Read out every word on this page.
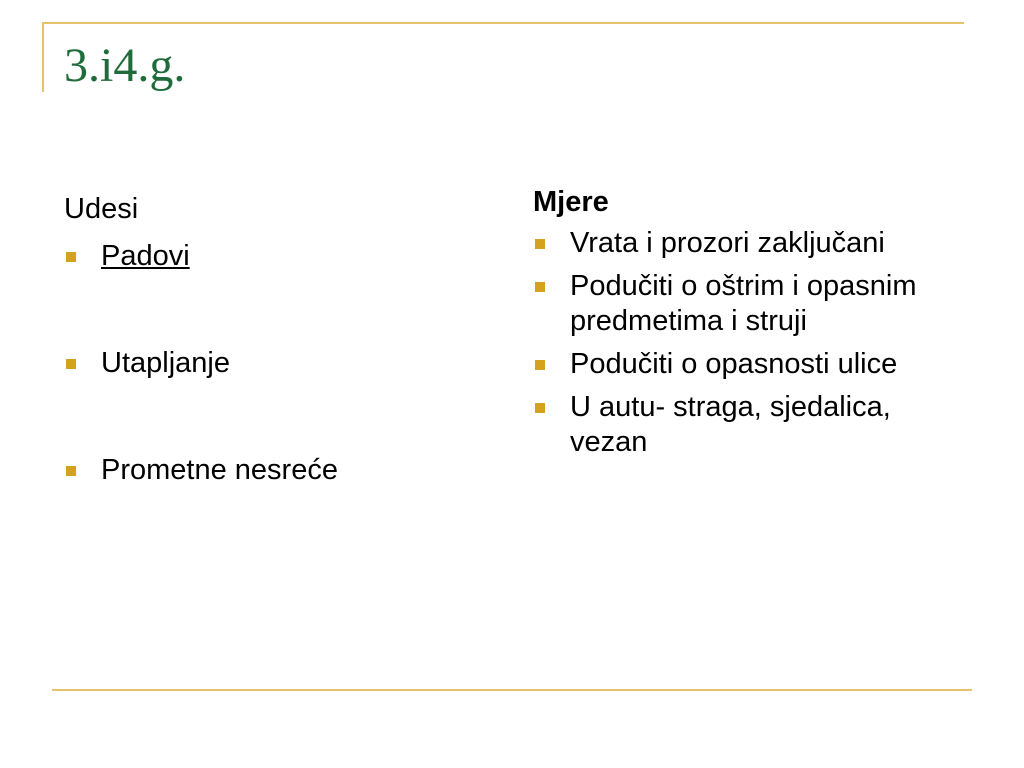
3.i4.g.
Udesi
Padovi
Utapljanje
Prometne nesreće
Mjere
Vrata i prozori zaključani
Podučiti o oštrim i opasnim predmetima i struji
Podučiti o opasnosti ulice
U autu- straga, sjedalica, vezan
